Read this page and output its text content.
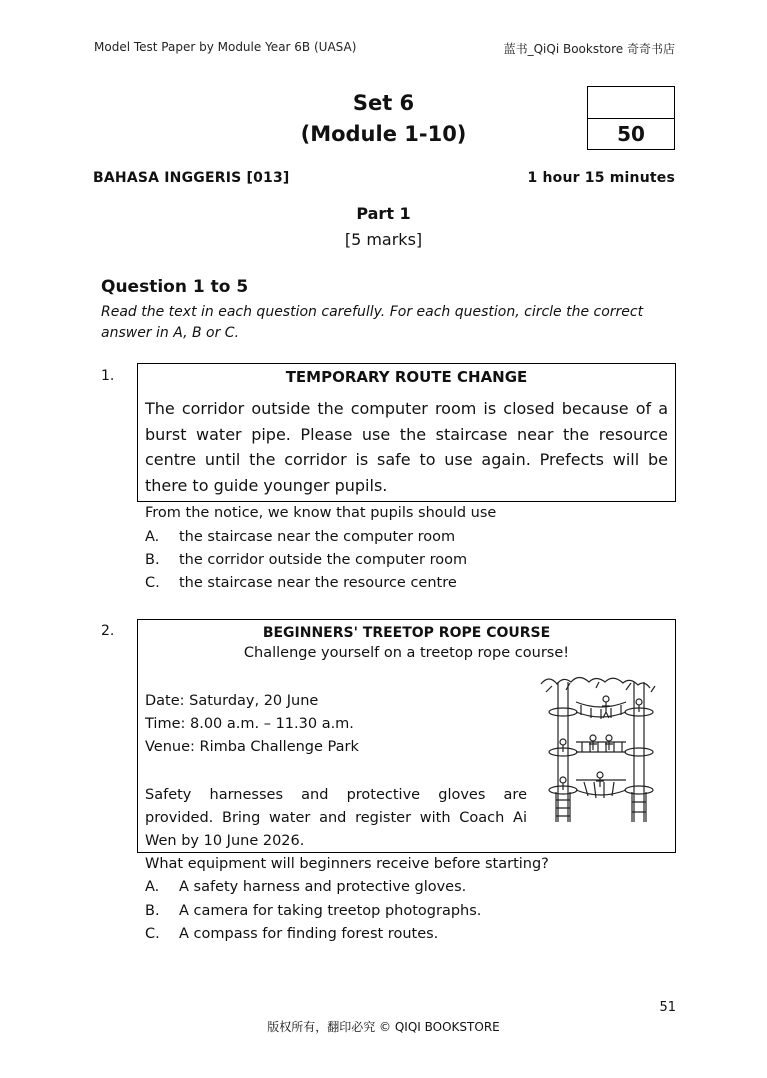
Model Test Paper by Module Year 6B (UASA)	蓝书_QiQi Bookstore 奇奇书店
Set 6
(Module 1-10)	50
BAHASA INGGERIS [013]	1 hour 15 minutes
Part 1
[5 marks]
Question 1 to 5
Read the text in each question carefully. For each question, circle the correct answer in A, B or C.
1.	TEMPORARY ROUTE CHANGE
The corridor outside the computer room is closed because of a burst water pipe. Please use the staircase near the resource centre until the corridor is safe to use again. Prefects will be there to guide younger pupils.
From the notice, we know that pupils should use
A. the staircase near the computer room
B. the corridor outside the computer room
C. the staircase near the resource centre
2.	BEGINNERS' TREETOP ROPE COURSE
Challenge yourself on a treetop rope course!
Date: Saturday, 20 June
Time: 8.00 a.m. – 11.30 a.m.
Venue: Rimba Challenge Park
Safety harnesses and protective gloves are provided. Bring water and register with Coach Ai Wen by 10 June 2026.
What equipment will beginners receive before starting?
A. A safety harness and protective gloves.
B. A camera for taking treetop photographs.
C. A compass for finding forest routes.
51
版权所有，翻印必究 © QIQI BOOKSTORE
